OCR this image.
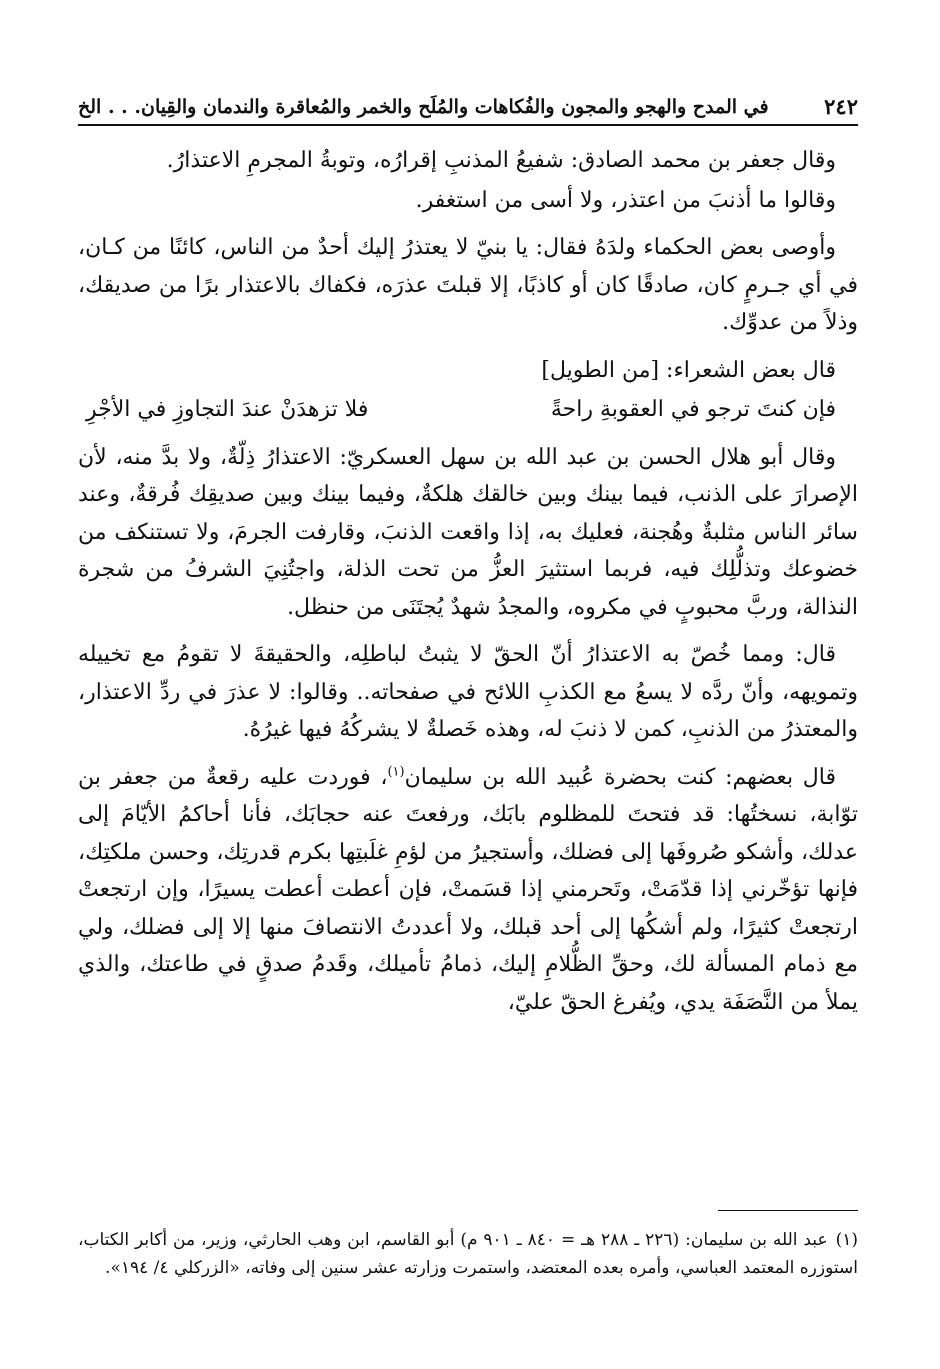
٢٤٢
في المدح والهجو والمجون والفُكاهات والمُلَح والخمر والمُعاقرة والندمان والقِيان. . . الخ

وقال جعفر بن محمد الصادق: شفيعُ المذنبِ إقرارُه، وتوبةُ المجرمِ الاعتذارُ.

وقالوا ما أذنبَ من اعتذر، ولا أسى من استغفر.

وأوصى بعض الحكماء ولدَهُ فقال: يا بنيّ لا يعتذرُ إليك أحدٌ من الناس، كائنًا من كـان، في أي جـرمٍ كان، صادقًا كان أو كاذبًا، إلا قبلتَ عذرَه، فكفاك بالاعتذار برًا من صديقك، وذلاً من عدوِّك.

قال بعض الشعراء: [من الطويل]

فإن كنتَ ترجو في العقوبةِ راحةً
فلا تزهدَنْ عندَ التجاوزِ في الأجْرِ

وقال أبو هلال الحسن بن عبد الله بن سهل العسكريّ: الاعتذارُ ذِلّةٌ، ولا بدَّ منه، لأن الإصرارَ على الذنب، فيما بينك وبين خالقك هلكةٌ، وفيما بينك وبين صديقِك فُرقةٌ، وعند سائر الناس مثلبةٌ وهُجنة، فعليك به، إذا واقعت الذنبَ، وقارفت الجرمَ، ولا تستنكف من خضوعك وتذلُّلِك فيه، فربما استثيرَ العزُّ من تحت الذلة، واجتُنِيَ الشرفُ من شجرة النذالة، وربَّ محبوبٍ في مكروه، والمجدُ شهدٌ يُجتَنَى من حنظل.

قال: ومما خُصّ به الاعتذارُ أنّ الحقّ لا يثبتُ لباطلِه، والحقيقةَ لا تقومُ مع تخييله وتمويهه، وأنّ ردَّه لا يسعُ مع الكذبِ اللائح في صفحاته.. وقالوا: لا عذرَ في ردِّ الاعتذار، والمعتذرُ من الذنبِ، كمن لا ذنبَ له، وهذه خَصلةٌ لا يشركُهُ فيها غيرُهُ.

قال بعضهم: كنت بحضرة عُبيد الله بن سليمان$^{(١)}$، فوردت عليه رقعةٌ من جعفر بن توّابة، نسختُها: قد فتحتَ للمظلوم بابَك، ورفعتَ عنه حجابَك، فأنا أحاكمُ الأيّامَ إلى عدلك، وأشكو صُروفَها إلى فضلك، وأستجيرُ من لؤمِ غلَبتِها بكرم قدرتِك، وحسن ملكتِك، فإنها تؤخّرني إذا قدّمَتْ، وتَحرمني إذا قسَمتْ، فإن أعطت أعطت يسيرًا، وإن ارتجعتْ ارتجعتْ كثيرًا، ولم أشكُها إلى أحد قبلك، ولا أعددتُ الانتصافَ منها إلا إلى فضلك، ولي مع ذمام المسألة لك، وحقِّ الظُّلامِ إليك، ذمامُ تأميلك، وقَدمُ صدقٍ في طاعتك، والذي يملأ من النَّصَفَة يدي، ويُفرغ الحقّ عليّ،

(١)عبد الله بن سليمان: (٢٢٦ ـ ٢٨٨ هـ = ٨٤٠ ـ ٩٠١ م) أبو القاسم، ابن وهب الحارثي، وزير، من أكابر الكتاب، استوزره المعتمد العباسي، وأمره بعده المعتضد، واستمرت وزارته عشر سنين إلى وفاته، «الزركلي ٤/ ١٩٤».
